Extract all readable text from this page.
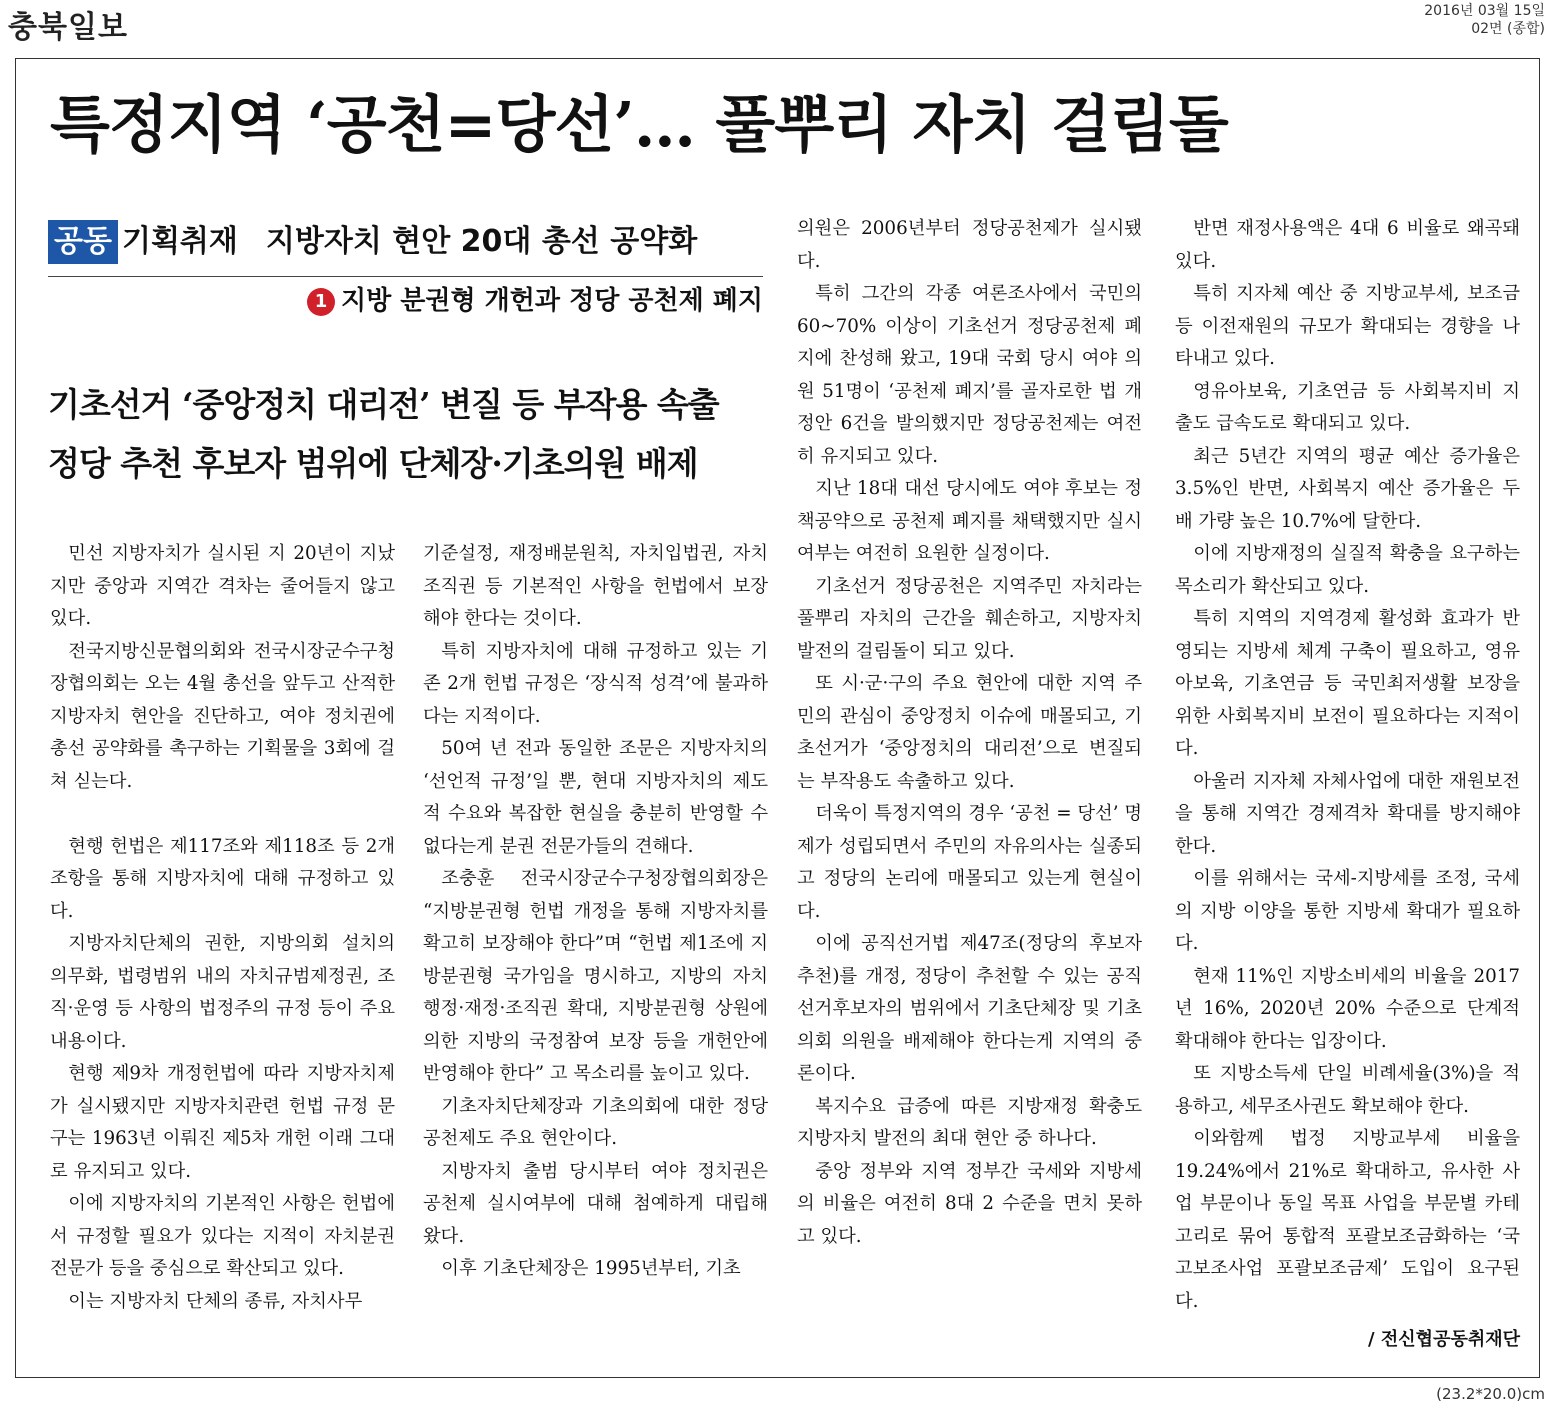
충북일보	2016년 03월 15일
02면 (종합)
특정지역 ‘공천=당선’… 풀뿌리 자치 걸림돌
공동 기획취재 지방자치 현안 20대 총선 공약화
1 지방 분권형 개헌과 정당 공천제 폐지
기초선거 ‘중앙정치 대리전’ 변질 등 부작용 속출
정당 추천 후보자 범위에 단체장·기초의원 배제

민선 지방자치가 실시된 지 20년이 지났지만 중앙과 지역간 격차는 줄어들지 않고 있다.

전국지방신문협의회와 전국시장군수구청장협의회는 오는 4월 총선을 앞두고 산적한 지방자치 현안을 진단하고, 여야 정치권에 총선 공약화를 촉구하는 기획물을 3회에 걸쳐 싣는다.

현행 헌법은 제117조와 제118조 등 2개 조항을 통해 지방자치에 대해 규정하고 있다.

지방자치단체의 권한, 지방의회 설치의 의무화, 법령범위 내의 자치규범제정권, 조직·운영 등 사항의 법정주의 규정 등이 주요 내용이다.

현행 제9차 개정헌법에 따라 지방자치제가 실시됐지만 지방자치관련 헌법 규정 문구는 1963년 이뤄진 제5차 개헌 이래 그대로 유지되고 있다.

이에 지방자치의 기본적인 사항은 헌법에서 규정할 필요가 있다는 지적이 자치분권 전문가 등을 중심으로 확산되고 있다.

이는 지방자치 단체의 종류, 자치사무

기준설정, 재정배분원칙, 자치입법권, 자치조직권 등 기본적인 사항을 헌법에서 보장해야 한다는 것이다.

특히 지방자치에 대해 규정하고 있는 기존 2개 헌법 규정은 ‘장식적 성격’에 불과하다는 지적이다.

50여 년 전과 동일한 조문은 지방자치의 ‘선언적 규정’일 뿐, 현대 지방자치의 제도적 수요와 복잡한 현실을 충분히 반영할 수 없다는게 분권 전문가들의 견해다.

조충훈 전국시장군수구청장협의회장은 “지방분권형 헌법 개정을 통해 지방자치를 확고히 보장해야 한다”며 “헌법 제1조에 지방분권형 국가임을 명시하고, 지방의 자치행정·재정·조직권 확대, 지방분권형 상원에 의한 지방의 국정참여 보장 등을 개헌안에 반영해야 한다” 고 목소리를 높이고 있다.

기초자치단체장과 기초의회에 대한 정당공천제도 주요 현안이다.

지방자치 출범 당시부터 여야 정치권은 공천제 실시여부에 대해 첨예하게 대립해 왔다.

이후 기초단체장은 1995년부터, 기초

의원은 2006년부터 정당공천제가 실시됐다.

특히 그간의 각종 여론조사에서 국민의 60~70% 이상이 기초선거 정당공천제 폐지에 찬성해 왔고, 19대 국회 당시 여야 의원 51명이 ‘공천제 폐지’를 골자로한 법 개정안 6건을 발의했지만 정당공천제는 여전히 유지되고 있다.

지난 18대 대선 당시에도 여야 후보는 정책공약으로 공천제 폐지를 채택했지만 실시 여부는 여전히 요원한 실정이다.

기초선거 정당공천은 지역주민 자치라는 풀뿌리 자치의 근간을 훼손하고, 지방자치 발전의 걸림돌이 되고 있다.

또 시·군·구의 주요 현안에 대한 지역 주민의 관심이 중앙정치 이슈에 매몰되고, 기초선거가 ‘중앙정치의 대리전’으로 변질되는 부작용도 속출하고 있다.

더욱이 특정지역의 경우 ‘공천 = 당선’ 명제가 성립되면서 주민의 자유의사는 실종되고 정당의 논리에 매몰되고 있는게 현실이다.

이에 공직선거법 제47조(정당의 후보자 추천)를 개정, 정당이 추천할 수 있는 공직선거후보자의 범위에서 기초단체장 및 기초의회 의원을 배제해야 한다는게 지역의 중론이다.

복지수요 급증에 따른 지방재정 확충도 지방자치 발전의 최대 현안 중 하나다.

중앙 정부와 지역 정부간 국세와 지방세의 비율은 여전히 8대 2 수준을 면치 못하고 있다.

반면 재정사용액은 4대 6 비율로 왜곡돼 있다.

특히 지자체 예산 중 지방교부세, 보조금 등 이전재원의 규모가 확대되는 경향을 나타내고 있다.

영유아보육, 기초연금 등 사회복지비 지출도 급속도로 확대되고 있다.

최근 5년간 지역의 평균 예산 증가율은 3.5%인 반면, 사회복지 예산 증가율은 두 배 가량 높은 10.7%에 달한다.

이에 지방재정의 실질적 확충을 요구하는 목소리가 확산되고 있다.

특히 지역의 지역경제 활성화 효과가 반영되는 지방세 체계 구축이 필요하고, 영유아보육, 기초연금 등 국민최저생활 보장을 위한 사회복지비 보전이 필요하다는 지적이다.

아울러 지자체 자체사업에 대한 재원보전을 통해 지역간 경제격차 확대를 방지해야 한다.

이를 위해서는 국세-지방세를 조정, 국세의 지방 이양을 통한 지방세 확대가 필요하다.

현재 11%인 지방소비세의 비율을 2017년 16%, 2020년 20% 수준으로 단계적 확대해야 한다는 입장이다.

또 지방소득세 단일 비례세율(3%)을 적용하고, 세무조사권도 확보해야 한다.

이와함께 법정 지방교부세 비율을 19.24%에서 21%로 확대하고, 유사한 사업 부문이나 동일 목표 사업을 부문별 카테고리로 묶어 통합적 포괄보조금화하는 ‘국고보조사업 포괄보조금제’ 도입이 요구된다.

/ 전신협공동취재단
(23.2*20.0)cm
